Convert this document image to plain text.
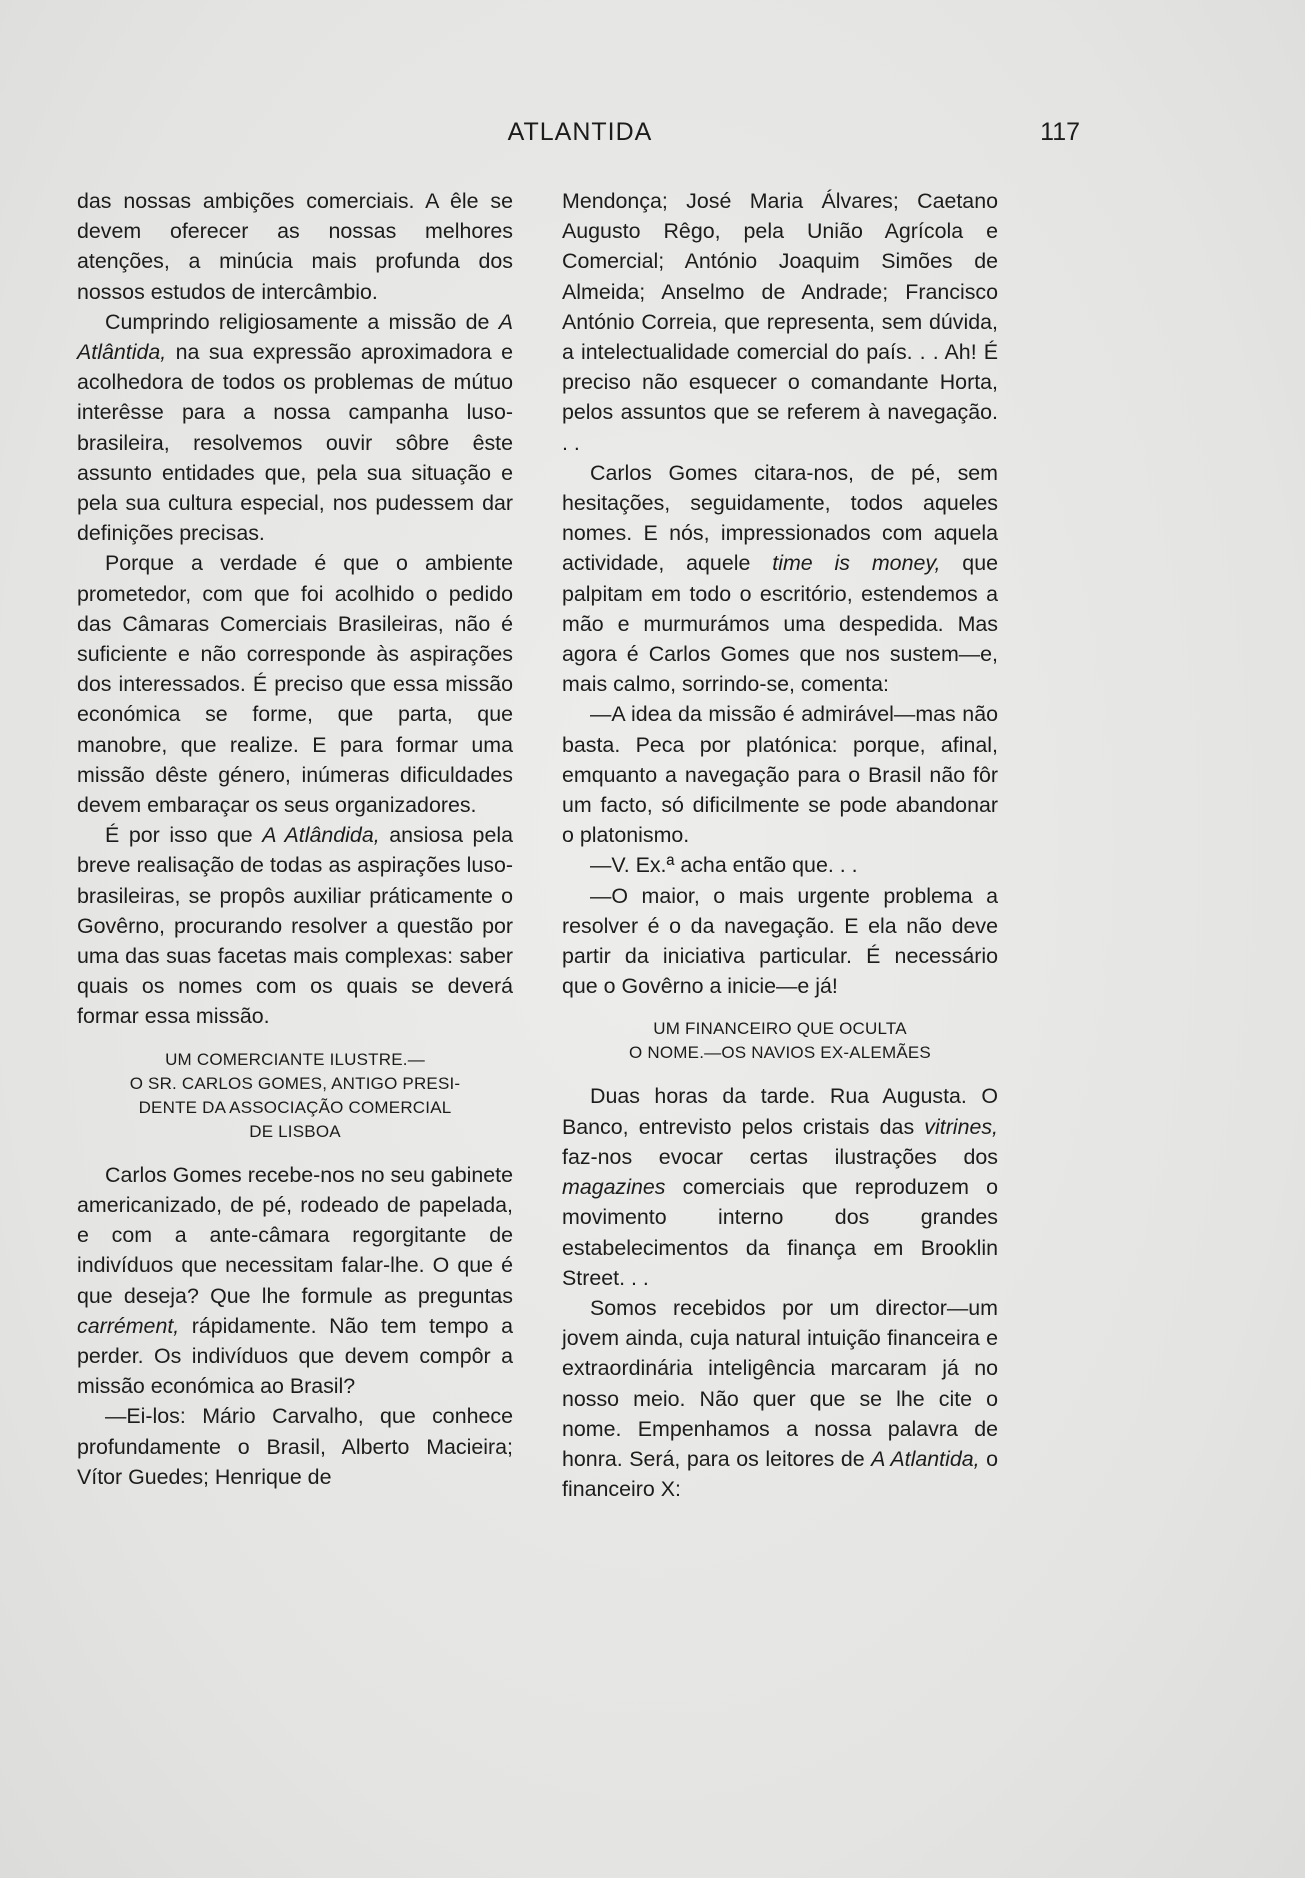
ATLANTIDA	117

das nossas ambições comerciais. A êle se devem oferecer as nossas melhores atenções, a minúcia mais profunda dos nossos estudos de intercâmbio.

Cumprindo religiosamente a missão de A Atlântida, na sua expressão aproximadora e acolhedora de todos os problemas de mútuo interêsse para a nossa campanha luso-brasileira, resolvemos ouvir sôbre êste assunto entidades que, pela sua situação e pela sua cultura especial, nos pudessem dar definições precisas.

Porque a verdade é que o ambiente prometedor, com que foi acolhido o pedido das Câmaras Comerciais Brasileiras, não é suficiente e não corresponde às aspirações dos interessados. É preciso que essa missão económica se forme, que parta, que manobre, que realize. E para formar uma missão dêste género, inúmeras dificuldades devem embaraçar os seus organizadores.

É por isso que A Atlândida, ansiosa pela breve realisação de todas as aspirações luso-brasileiras, se propôs auxiliar práticamente o Govêrno, procurando resolver a questão por uma das suas facetas mais complexas: saber quais os nomes com os quais se deverá formar essa missão.

UM COMERCIANTE ILUSTRE.—
O SR. CARLOS GOMES, ANTIGO PRESI-
DENTE DA ASSOCIAÇÃO COMERCIAL
DE LISBOA

Carlos Gomes recebe-nos no seu gabinete americanizado, de pé, rodeado de papelada, e com a ante-câmara regorgitante de indivíduos que necessitam falar-lhe. O que é que deseja? Que lhe formule as preguntas carrément, rápidamente. Não tem tempo a perder. Os indivíduos que devem compôr a missão económica ao Brasil?

—Ei-los: Mário Carvalho, que conhece profundamente o Brasil, Alberto Macieira; Vítor Guedes; Henrique de

Mendonça; José Maria Álvares; Caetano Augusto Rêgo, pela União Agrícola e Comercial; António Joaquim Simões de Almeida; Anselmo de Andrade; Francisco António Correia, que representa, sem dúvida, a intelectualidade comercial do país. . . Ah! É preciso não esquecer o comandante Horta, pelos assuntos que se referem à navegação. . .

Carlos Gomes citara-nos, de pé, sem hesitações, seguidamente, todos aqueles nomes. E nós, impressionados com aquela actividade, aquele time is money, que palpitam em todo o escritório, estendemos a mão e murmurámos uma despedida. Mas agora é Carlos Gomes que nos sustem—e, mais calmo, sorrindo-se, comenta:

—A idea da missão é admirável—mas não basta. Peca por platónica: porque, afinal, emquanto a navegação para o Brasil não fôr um facto, só dificilmente se pode abandonar o platonismo.

—V. Ex.ª acha então que. . .

—O maior, o mais urgente problema a resolver é o da navegação. E ela não deve partir da iniciativa particular. É necessário que o Govêrno a inicie—e já!

UM FINANCEIRO QUE OCULTA
O NOME.—OS NAVIOS EX-ALEMÃES

Duas horas da tarde. Rua Augusta. O Banco, entrevisto pelos cristais das vitrines, faz-nos evocar certas ilustrações dos magazines comerciais que reproduzem o movimento interno dos grandes estabelecimentos da finança em Brooklin Street. . .

Somos recebidos por um director—um jovem ainda, cuja natural intuição financeira e extraordinária inteligência marcaram já no nosso meio. Não quer que se lhe cite o nome. Empenhamos a nossa palavra de honra. Será, para os leitores de A Atlantida, o financeiro X:
